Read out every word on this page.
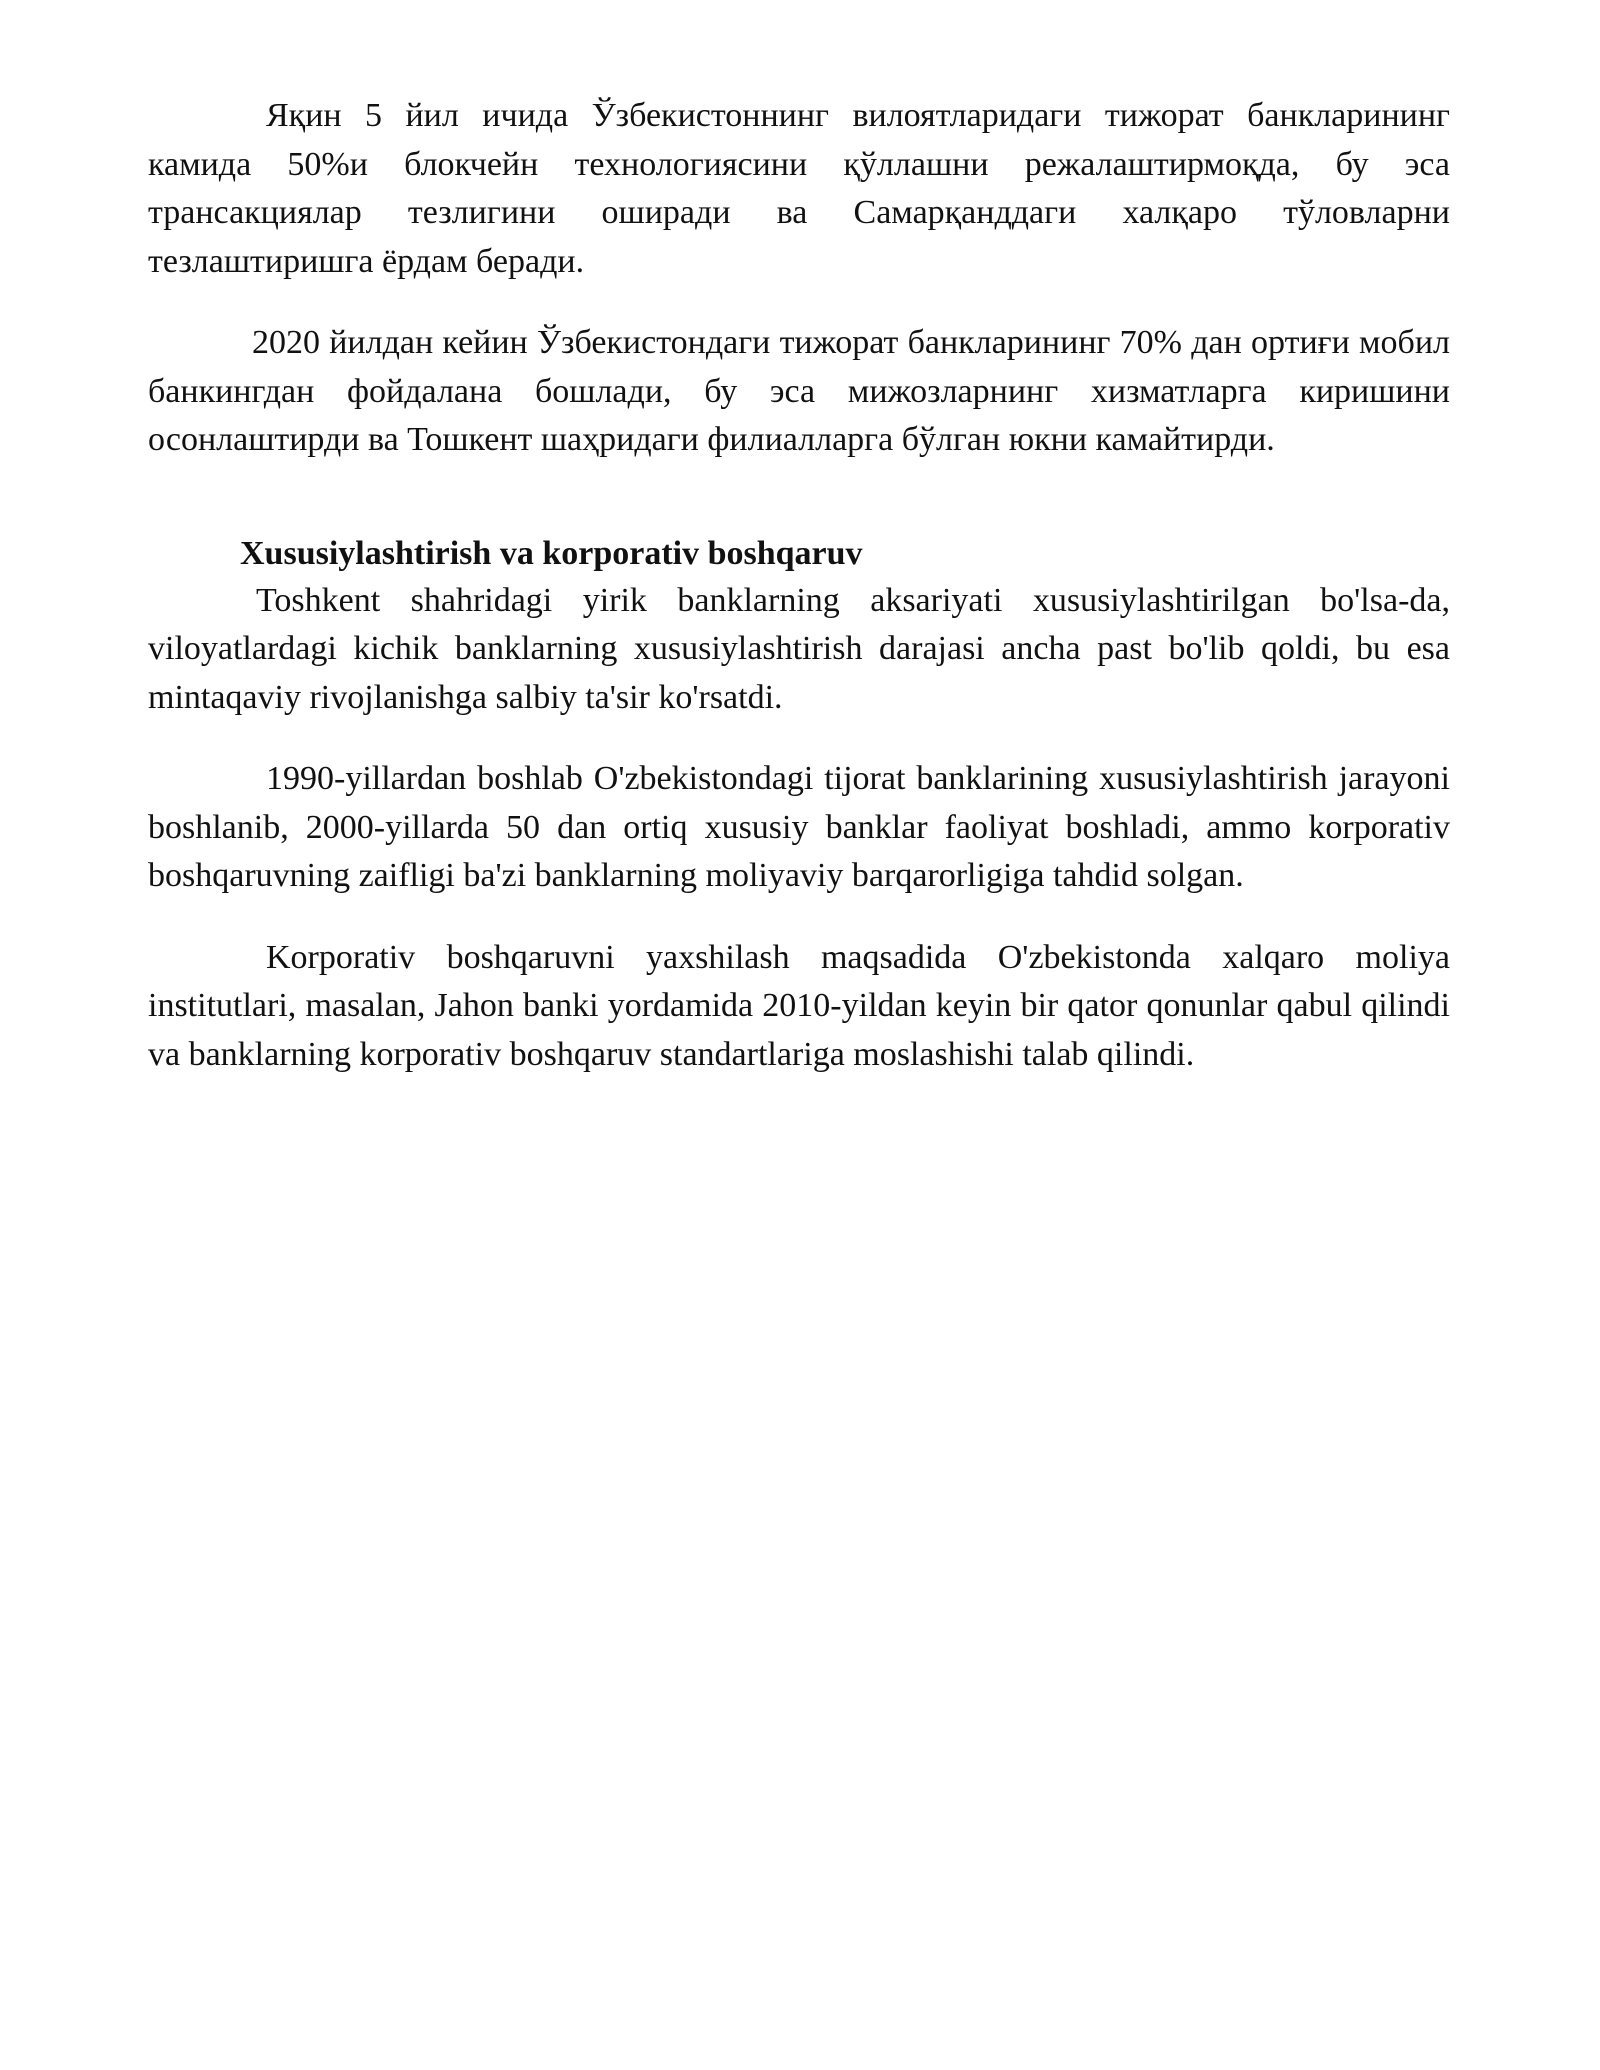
Яқин 5 йил ичида Ўзбекистоннинг вилоятларидаги тижорат банкларининг камида 50%и блокчейн технологиясини қўллашни режалаштирмоқда, бу эса трансакциялар тезлигини оширади ва Самарқанддаги халқаро тўловларни тезлаштиришга ёрдам беради.

2020 йилдан кейин Ўзбекистондаги тижорат банкларининг 70% дан ортиғи мобил банкингдан фойдалана бошлади, бу эса мижозларнинг хизматларга киришини осонлаштирди ва Тошкент шаҳридаги филиалларга бўлган юкни камайтирди.

Xususiylashtirish va korporativ boshqaruv

Toshkent shahridagi yirik banklarning aksariyati xususiylashtirilgan bo'lsa-da, viloyatlardagi kichik banklarning xususiylashtirish darajasi ancha past bo'lib qoldi, bu esa mintaqaviy rivojlanishga salbiy ta'sir ko'rsatdi.

1990-yillardan boshlab O'zbekistondagi tijorat banklarining xususiylashtirish jarayoni boshlanib, 2000-yillarda 50 dan ortiq xususiy banklar faoliyat boshladi, ammo korporativ boshqaruvning zaifligi ba'zi banklarning moliyaviy barqarorligiga tahdid solgan.

Korporativ boshqaruvni yaxshilash maqsadida O'zbekistonda xalqaro moliya institutlari, masalan, Jahon banki yordamida 2010-yildan keyin bir qator qonunlar qabul qilindi va banklarning korporativ boshqaruv standartlariga moslashishi talab qilindi.
